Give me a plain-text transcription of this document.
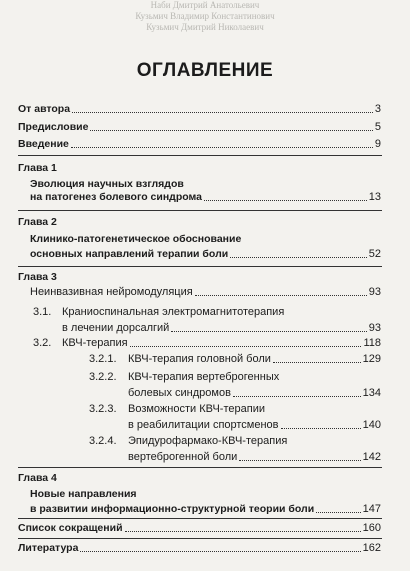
Наби Дмитрий Анатольевич
Кузьмич Владимир Константинович
Кузьмич Дмитрий Николаевич
ОГЛАВЛЕНИЕ
От автора	3
Предисловие	5
Введение	9
Глава 1
Эволюция научных взглядов
на патогенез болевого синдрома	13
Глава 2
Клинико-патогенетическое обоснование
основных направлений терапии боли	52
Глава 3
Неинвазивная нейромодуляция	93
3.1. Краниоспинальная электромагнитотерапия
в лечении дорсалгий	93
3.2. КВЧ-терапия	118
3.2.1. КВЧ-терапия головной боли	129
3.2.2. КВЧ-терапия вертеброгенных
болевых синдромов	134
3.2.3. Возможности КВЧ-терапии
в реабилитации спортсменов	140
3.2.4. Эпидурофармако-КВЧ-терапия
вертеброгенной боли	142
Глава 4
Новые направления
в развитии информационно-структурной теории боли	147
Список сокращений	160
Литература	162
